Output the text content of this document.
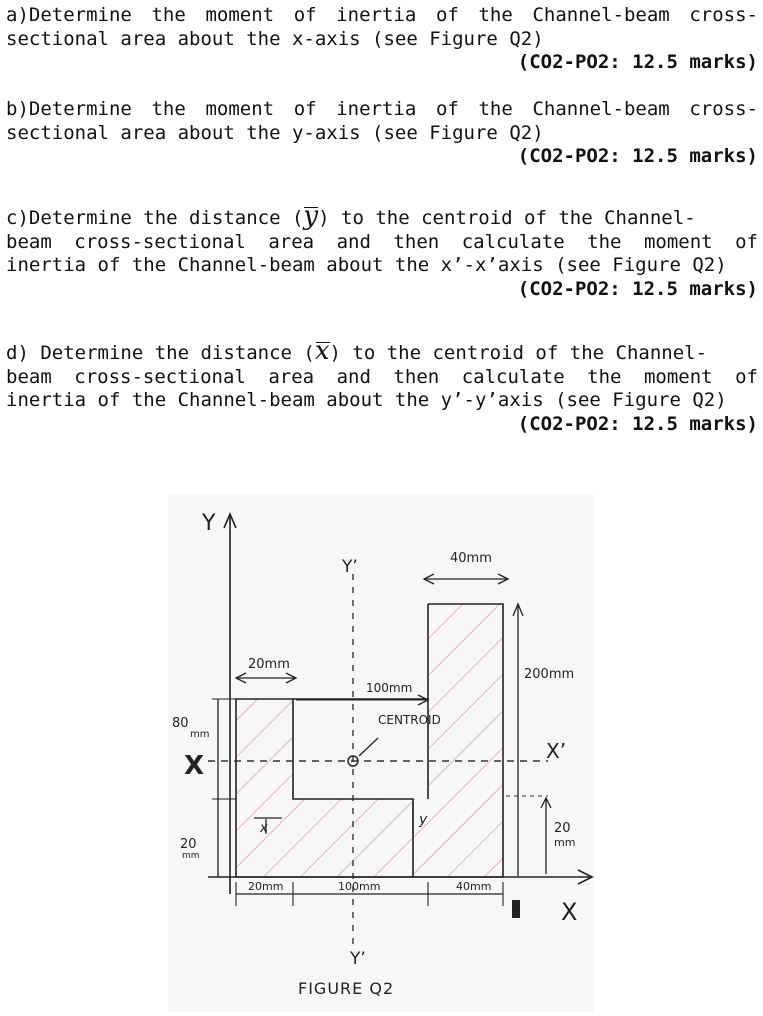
a)Determine the moment of inertia of the Channel-beam cross-
sectional area about the x-axis (see Figure Q2)
(CO2-PO2: 12.5 marks)
b)Determine the moment of inertia of the Channel-beam cross-
sectional area about the y-axis (see Figure Q2)
(CO2-PO2: 12.5 marks)
c)Determine the distance (
y) to the centroid of the Channel-
beam cross-sectional area and then calculate the moment of
inertia of the Channel-beam about the x’-x’axis (see Figure Q2)
(CO2-PO2: 12.5 marks)
d) Determine the distance (
x) to the centroid of the Channel-
beam cross-sectional area and then calculate the moment of
inertia of the Channel-beam about the y’-y’axis (see Figure Q2)
(CO2-PO2: 12.5 marks)
Y
X
Y’
Y’
X’
X
CENTROID
40mm
200mm
20
mm
20mm
100mm
80
mm
20
mm
20mm	100mm	40mm
x
y
FIGURE Q2
